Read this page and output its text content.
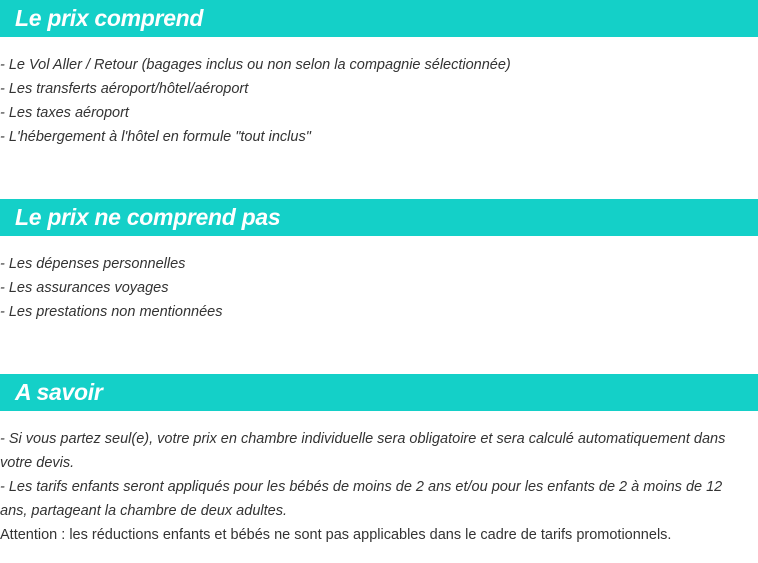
Le prix comprend
- Le Vol Aller / Retour (bagages inclus ou non selon la compagnie sélectionnée)
- Les transferts aéroport/hôtel/aéroport
- Les taxes aéroport
- L'hébergement à l'hôtel en formule "tout inclus"
Le prix ne comprend pas
- Les dépenses personnelles
- Les assurances voyages
- Les prestations non mentionnées
A savoir

- Si vous partez seul(e), votre prix en chambre individuelle sera obligatoire et sera calculé automatiquement dans votre devis.

- Les tarifs enfants seront appliqués pour les bébés de moins de 2 ans et/ou pour les enfants de 2 à moins de 12 ans, partageant la chambre de deux adultes.

Attention : les réductions enfants et bébés ne sont pas applicables dans le cadre de tarifs promotionnels.
